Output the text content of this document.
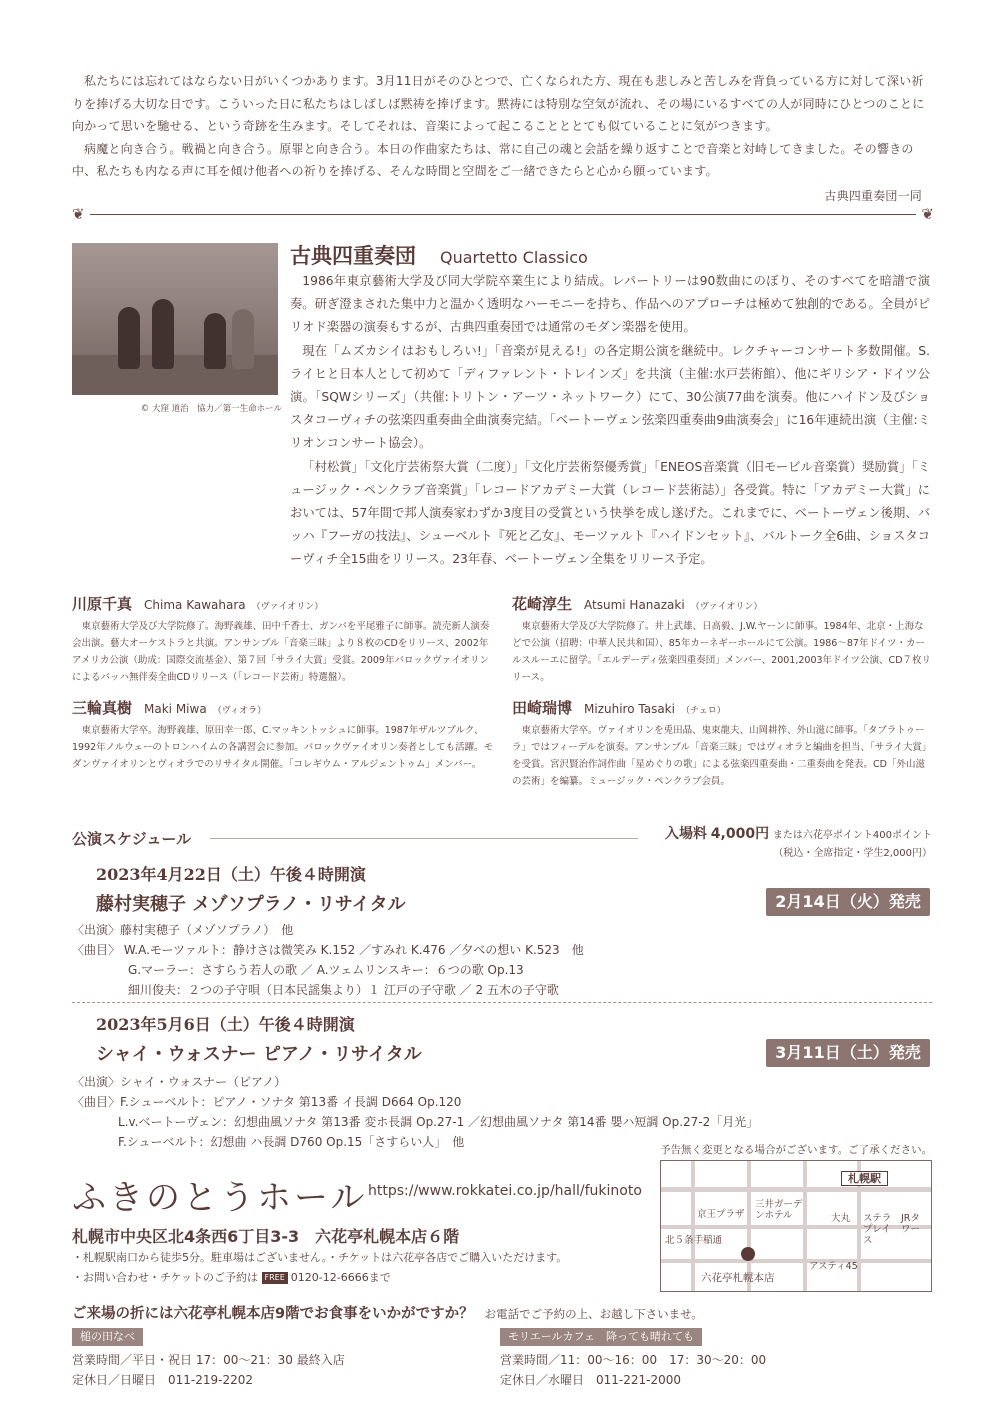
私たちには忘れてはならない日がいくつかあります。3月11日がそのひとつで、亡くなられた方、現在も悲しみと苦しみを背負っている方に対して深い祈りを捧げる大切な日です。こういった日に私たちはしばしば黙祷を捧げます。黙祷には特別な空気が流れ、その場にいるすべての人が同時にひとつのことに向かって思いを馳せる、という奇跡を生みます。そしてそれは、音楽によって起こることととても似ていることに気がつきます。

病魔と向き合う。戦禍と向き合う。原罪と向き合う。本日の作曲家たちは、常に自己の魂と会話を繰り返すことで音楽と対峙してきました。その響きの中、私たちも内なる声に耳を傾け他者への祈りを捧げる、そんな時間と空間をご一緒できたらと心から願っています。

古典四重奏団一同
❦	❦
© 大窪 道治　協力／第一生命ホール
古典四重奏団 Quartetto Classico

1986年東京藝術大学及び同大学院卒業生により結成。レパートリーは90数曲にのぼり、そのすべてを暗譜で演奏。研ぎ澄まされた集中力と温かく透明なハーモニーを持ち、作品へのアプローチは極めて独創的である。全員がピリオド楽器の演奏もするが、古典四重奏団では通常のモダン楽器を使用。

現在「ムズカシイはおもしろい!」「音楽が見える!」の各定期公演を継続中。レクチャーコンサート多数開催。S.ライヒと日本人として初めて「ディファレント・トレインズ」を共演（主催:水戸芸術館）、他にギリシア・ドイツ公演。「SQWシリーズ」（共催:トリトン・アーツ・ネットワーク）にて、30公演77曲を演奏。他にハイドン及びショスタコーヴィチの弦楽四重奏曲全曲演奏完結。「ベートーヴェン弦楽四重奏曲9曲演奏会」に16年連続出演（主催:ミリオンコンサート協会）。

「村松賞」「文化庁芸術祭大賞（二度）」「文化庁芸術祭優秀賞」「ENEOS音楽賞（旧モービル音楽賞）奨励賞」「ミュージック・ペンクラブ音楽賞」「レコードアカデミー大賞（レコード芸術誌）」各受賞。特に「アカデミー大賞」においては、57年間で邦人演奏家わずか3度目の受賞という快挙を成し遂げた。これまでに、ベートーヴェン後期、バッハ『フーガの技法』、シューベルト『死と乙女』、モーツァルト『ハイドンセット』、バルトーク全6曲、ショスタコーヴィチ全15曲をリリース。23年春、ベートーヴェン全集をリリース予定。

川原千真 Chima Kawahara （ヴァイオリン）

東京藝術大学及び大学院修了。海野義雄、田中千香士、ガンバを平尾雅子に師事。読売新人演奏会出演。藝大オーケストラと共演。アンサンブル「音楽三昧」より８枚のCDをリリース、2002年アメリカ公演（助成：国際交流基金）、第７回「サライ大賞」受賞。2009年バロックヴァイオリンによるバッハ無伴奏全曲CDリリース（「レコード芸術」特選盤）。

花崎淳生 Atsumi Hanazaki （ヴァイオリン）

東京藝術大学及び大学院修了。井上武雄、日高毅、J.W.ヤーンに師事。1984年、北京・上海などで公演（招聘：中華人民共和国）、85年カーネギーホールにて公演。1986～87年ドイツ・カールスルーエに留学。「エルデーディ弦楽四重奏団」メンバー、2001,2003年ドイツ公演、CD７枚リリース。

三輪真樹 Maki Miwa （ヴィオラ）

東京藝術大学卒。海野義雄、原田幸一郎、C.マッキントッシュに師事。1987年ザルツブルク、1992年ノルウェーのトロンハイムの各講習会に参加。バロックヴァイオリン奏者としても活躍。モダンヴァイオリンとヴィオラでのリサイタル開催。「コレギウム・アルジェントゥム」メンバー。

田崎瑞博 Mizuhiro Tasaki （チェロ）

東京藝術大学卒。ヴァイオリンを兎田晶、鬼束龍夫、山岡耕筰、外山滋に師事。「タブラトゥーラ」ではフィーデルを演奏。アンサンブル「音楽三昧」ではヴィオラと編曲を担当、「サライ大賞」を受賞。宮沢賢治作詞作曲「星めぐりの歌」による弦楽四重奏曲・二重奏曲を発表。CD「外山滋の芸術」を編纂。ミュージック・ペンクラブ会員。

公演スケジュール	入場料 4,000円 または六花亭ポイント400ポイント
（税込・全席指定・学生2,000円）
2023年4月22日（土）午後４時開演
藤村実穂子 メゾソプラノ・リサイタル	2月14日（火）発売
〈出演〉藤村実穂子（メゾソプラノ）　他
〈曲目〉 W.A.モーツァルト：静けさは微笑み K.152 ／すみれ K.476 ／夕べの想い K.523　他
G.マーラー：さすらう若人の歌 ／ A.ツェムリンスキー：６つの歌 Op.13
細川俊夫：２つの子守唄（日本民謡集より）１ 江戸の子守歌 ／ 2 五木の子守歌
2023年5月6日（土）午後４時開演
シャイ・ウォスナー ピアノ・リサイタル	3月11日（土）発売
〈出演〉シャイ・ウォスナー（ピアノ）
〈曲目〉F.シューベルト：ピアノ・ソナタ 第13番 イ長調 D664 Op.120
L.v.ベートーヴェン：幻想曲風ソナタ 第13番 変ホ長調 Op.27-1 ／幻想曲風ソナタ 第14番 嬰ハ短調 Op.27-2「月光」
F.シューベルト：幻想曲 ハ長調 D760 Op.15「さすらい人」　他
ふきのとうホール https://www.rokkatei.co.jp/hall/fukinoto
札幌市中央区北4条西6丁目3-3　六花亭札幌本店６階
・札幌駅南口から徒歩5分。駐車場はございません。・チケットは六花亭各店でご購入いただけます。
・お問い合わせ・チケットのご予約は FREE 0120-12-6666まで
予告無く変更となる場合がございます。ご了承ください。
札幌駅
京王プラザ
三井ガーデンホテル	大丸 ステラプレイス
JRタワー
北５条手稲通
アスティ45
六花亭札幌本店
ご来場の折には六花亭札幌本店9階でお食事をいかがですか？ お電話でご予約の上、お越し下さいませ。
槌の田なべ
営業時間／平日・祝日 17：00～21：30 最終入店
定休日／日曜日　011-219-2202
モリエールカフェ　降っても晴れても
営業時間／11：00～16：00　17：30～20：00
定休日／水曜日　011-221-2000
